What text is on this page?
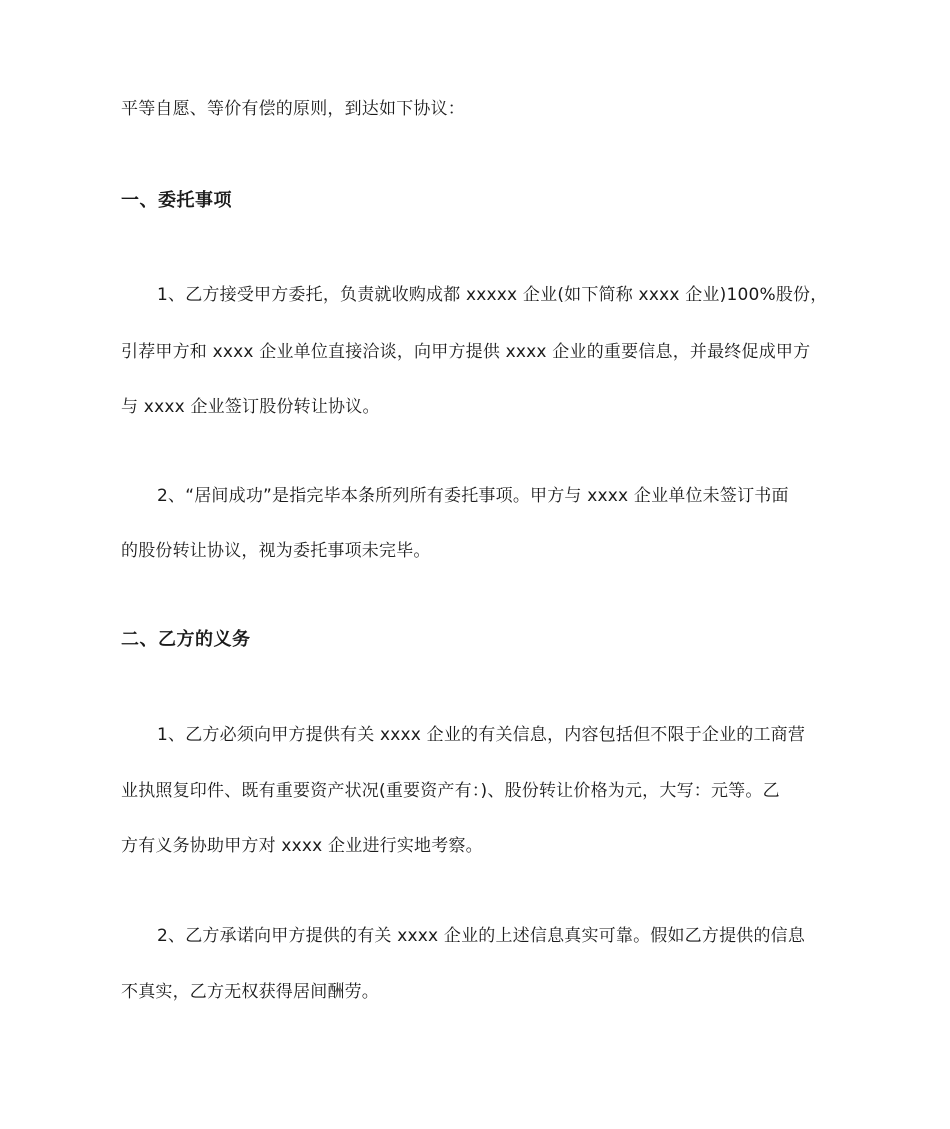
平等自愿、等价有偿的原则，到达如下协议：
一、委托事项
1、乙方接受甲方委托，负责就收购成都 xxxxx 企业(如下简称 xxxx 企业)100%股份，
引荐甲方和 xxxx 企业单位直接洽谈，向甲方提供 xxxx 企业的重要信息，并最终促成甲方
与 xxxx 企业签订股份转让协议。
2、“居间成功”是指完毕本条所列所有委托事项。甲方与 xxxx 企业单位未签订书面
的股份转让协议，视为委托事项未完毕。
二、乙方的义务
1、乙方必须向甲方提供有关 xxxx 企业的有关信息，内容包括但不限于企业的工商营
业执照复印件、既有重要资产状况(重要资产有：)、股份转让价格为元，大写：元等。乙
方有义务协助甲方对 xxxx 企业进行实地考察。
2、乙方承诺向甲方提供的有关 xxxx 企业的上述信息真实可靠。假如乙方提供的信息
不真实，乙方无权获得居间酬劳。
